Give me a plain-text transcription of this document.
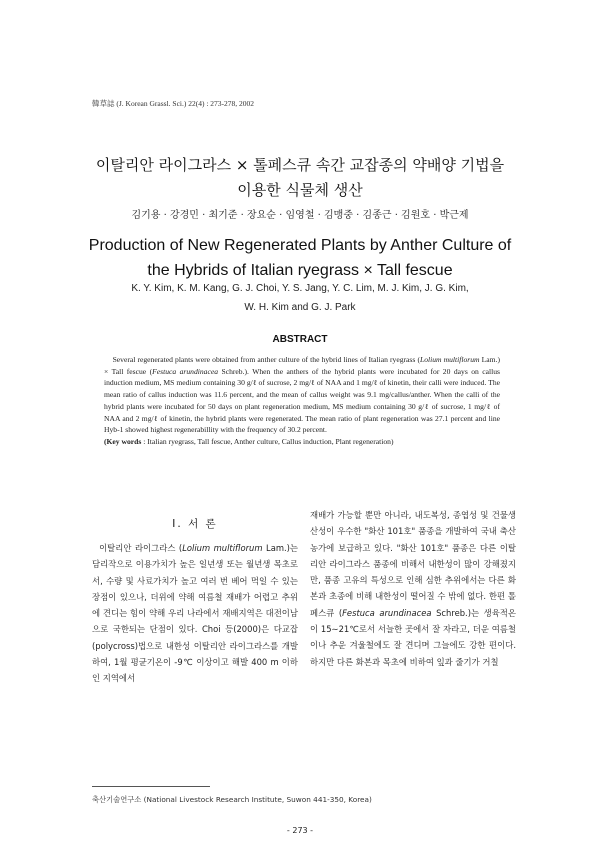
韓草誌 (J. Korean Grassl. Sci.) 22(4) : 273-278, 2002
이탈리안 라이그라스 × 톨페스큐 속간 교잡종의 약배양 기법을
이용한 식물체 생산
김기용 · 강경민 · 최기준 · 장요순 · 임영철 · 김맹중 · 김종근 · 김원호 · 박근제
Production of New Regenerated Plants by Anther Culture of
the Hybrids of Italian ryegrass × Tall fescue
K. Y. Kim, K. M. Kang, G. J. Choi, Y. S. Jang, Y. C. Lim, M. J. Kim, J. G. Kim,
W. H. Kim and G. J. Park
ABSTRACT

Several regenerated plants were obtained from anther culture of the hybrid lines of Italian ryegrass (Lolium multiflorum Lam.) × Tall fescue (Festuca arundinacea Schreb.). When the anthers of the hybrid plants were incubated for 20 days on callus induction medium, MS medium containing 30 g/ℓ of sucrose, 2 mg/ℓ of NAA and 1 mg/ℓ of kinetin, their calli were induced. The mean ratio of callus induction was 11.6 percent, and the mean of callus weight was 9.1 mg/callus/anther. When the calli of the hybrid plants were incubated for 50 days on plant regeneration medium, MS medium containing 30 g/ℓ of sucrose, 1 mg/ℓ of NAA and 2 mg/ℓ of kinetin, the hybrid plants were regenerated. The mean ratio of plant regeneration was 27.1 percent and line Hyb-1 showed highest regenerabillity with the frequency of 30.2 percent.

(Key words : Italian ryegrass, Tall fescue, Anther culture, Callus induction, Plant regeneration)

Ⅰ. 서 론

이탈리안 라이그라스 (Lolium multiflorum Lam.)는 담리작으로 이용가치가 높은 일년생 또는 월년생 목초로서, 수량 및 사료가치가 높고 여러 번 베어 먹일 수 있는 장점이 있으나, 더위에 약해 여름철 재배가 어렵고 추위에 견디는 힘이 약해 우리 나라에서 재배지역은 대전이남으로 국한되는 단점이 있다. Choi 등(2000)은 다교잡(polycross)법으로 내한성 이탈리안 라이그라스를 개발하여, 1월 평균기온이 -9℃ 이상이고 해발 400 m 이하인 지역에서

재배가 가능할 뿐만 아니라, 내도복성, 종엽성 및 건물생산성이 우수한 "화산 101호" 품종을 개발하여 국내 축산농가에 보급하고 있다. "화산 101호" 품종은 다른 이탈리안 라이그라스 품종에 비해서 내한성이 많이 강해졌지만, 품종 고유의 특성으로 인해 심한 추위에서는 다른 화본과 초종에 비해 내한성이 떨어질 수 밖에 없다. 한편 톨페스큐 (Festuca arundinacea Schreb.)는 생육적온이 15∼21℃로서 서늘한 곳에서 잘 자라고, 더운 여름철이나 추운 겨울철에도 잘 견디며 그늘에도 강한 편이다. 하지만 다른 화본과 목초에 비하여 잎과 줄기가 거칠

축산기술연구소 (National Livestock Research Institute, Suwon 441-350, Korea)
- 273 -
